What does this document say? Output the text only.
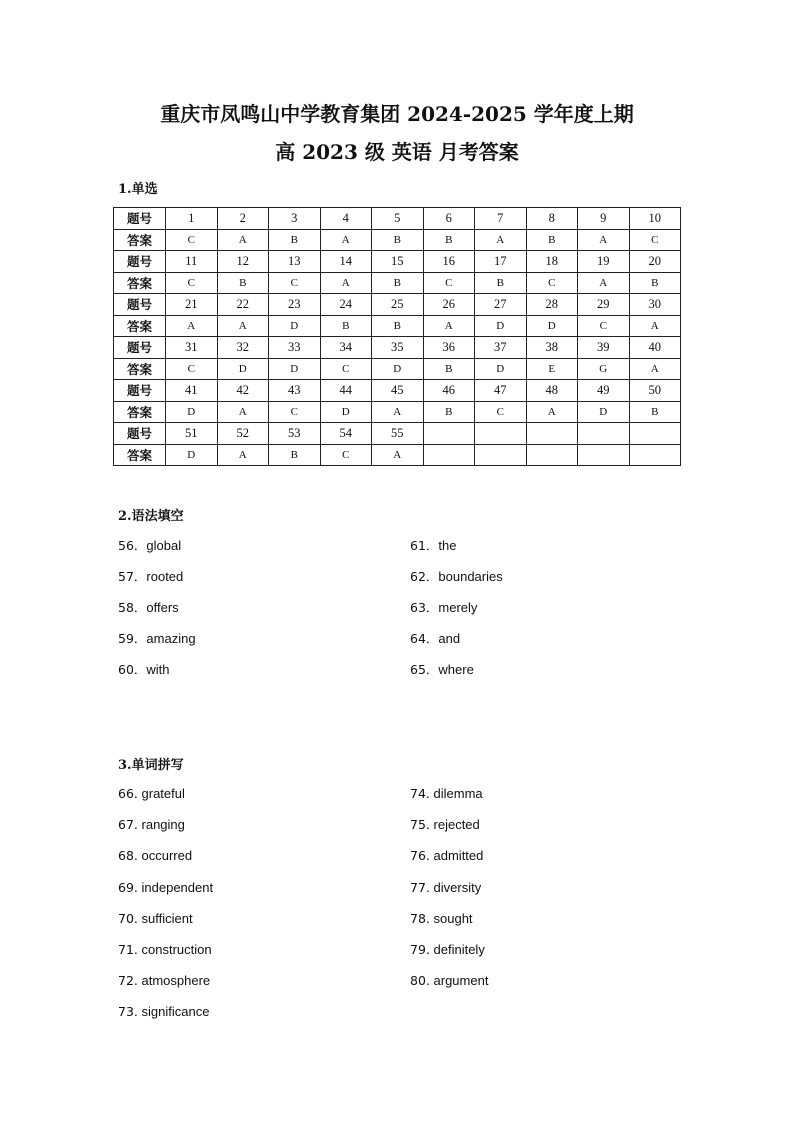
重庆市凤鸣山中学教育集团 2024-2025 学年度上期
高 2023 级 英语 月考答案
1.单选
题号	1	2	3	4	5	6	7	8	9	10
答案	C	A	B	A	B	B	A	B	A	C
题号	11	12	13	14	15	16	17	18	19	20
答案	C	B	C	A	B	C	B	C	A	B
题号	21	22	23	24	25	26	27	28	29	30
答案	A	A	D	B	B	A	D	D	C	A
题号	31	32	33	34	35	36	37	38	39	40
答案	C	D	D	C	D	B	D	E	G	A
题号	41	42	43	44	45	46	47	48	49	50
答案	D	A	C	D	A	B	C	A	D	B
题号	51	52	53	54	55					
答案	D	A	B	C	A					
2.语法填空
56．global
57．rooted
58．offers
59．amazing
60．with
61．the
62．boundaries
63．merely
64．and
65．where
3.单词拼写
66. grateful
67. ranging
68. occurred
69. independent
70. sufficient
71. construction
72. atmosphere
73. significance
74. dilemma
75. rejected
76. admitted
77. diversity
78. sought
79. definitely
80. argument
